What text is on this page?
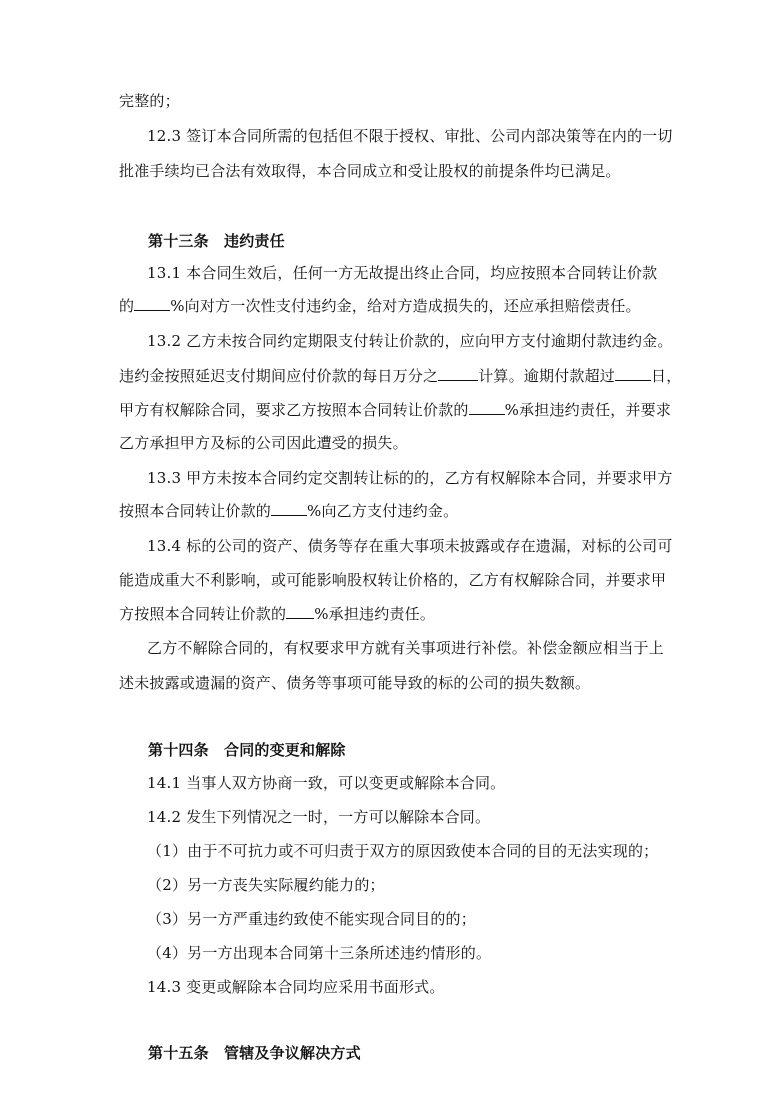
完整的；
12.3 签订本合同所需的包括但不限于授权、审批、公司内部决策等在内的一切
批准手续均已合法有效取得，本合同成立和受让股权的前提条件均已满足。
第十三条　违约责任
13.1 本合同生效后，任何一方无故提出终止合同，均应按照本合同转让价款
的 %向对方一次性支付违约金，给对方造成损失的，还应承担赔偿责任。
13.2 乙方未按合同约定期限支付转让价款的，应向甲方支付逾期付款违约金。
违约金按照延迟支付期间应付价款的每日万分之	计算。逾期付款超过 日，
甲方有权解除合同，要求乙方按照本合同转让价款的 %承担违约责任，并要求
乙方承担甲方及标的公司因此遭受的损失。
13.3 甲方未按本合同约定交割转让标的的，乙方有权解除本合同，并要求甲方
按照本合同转让价款的 %向乙方支付违约金。
13.4 标的公司的资产、债务等存在重大事项未披露或存在遗漏，对标的公司可
能造成重大不利影响，或可能影响股权转让价格的，乙方有权解除合同，并要求甲
方按照本合同转让价款的 %承担违约责任。
乙方不解除合同的，有权要求甲方就有关事项进行补偿。补偿金额应相当于上
述未披露或遗漏的资产、债务等事项可能导致的标的公司的损失数额。
第十四条　合同的变更和解除
14.1 当事人双方协商一致，可以变更或解除本合同。
14.2 发生下列情况之一时，一方可以解除本合同。
（1）由于不可抗力或不可归责于双方的原因致使本合同的目的无法实现的；
（2）另一方丧失实际履约能力的；
（3）另一方严重违约致使不能实现合同目的的；
（4）另一方出现本合同第十三条所述违约情形的。
14.3 变更或解除本合同均应采用书面形式。
第十五条　管辖及争议解决方式
